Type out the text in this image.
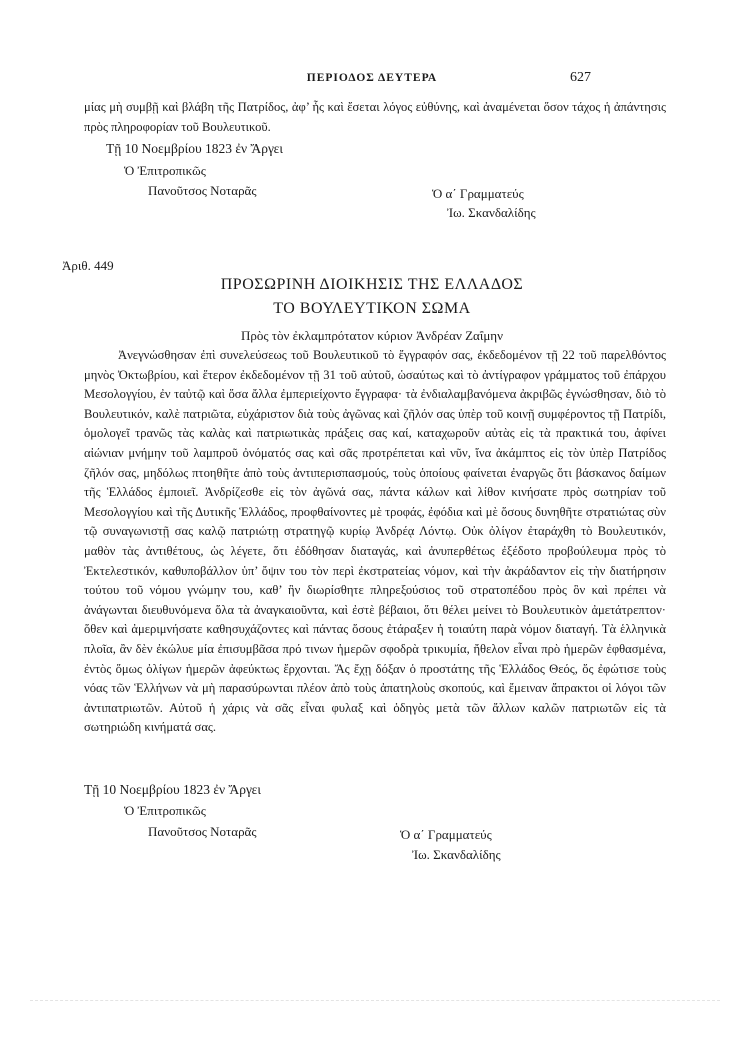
ΠΕΡΙΟΔΟΣ ΔΕΥΤΕΡΑ	627
μίας μὴ συμβῇ καὶ βλάβη τῆς Πατρίδος, ἀφ’ ἧς καὶ ἔσεται λόγος εὐθύνης, καὶ ἀναμένεται ὅσον τάχος ἡ ἀπάντησις πρὸς πληροφορίαν τοῦ Βουλευτικοῦ.
Τῇ 10 Νοεμβρίου 1823 ἐν Ἄργει
Ὁ Ἐπιτροπικῶς
Πανοῦτσος Νοταρᾶς	Ὁ α΄ Γραμματεύς
Ἰω. Σκανδαλίδης
Ἀριθ. 449
ΠΡΟΣΩΡΙΝΗ ΔΙΟΙΚΗΣΙΣ ΤΗΣ ΕΛΛΑΔΟΣ
ΤΟ ΒΟΥΛΕΥΤΙΚΟΝ ΣΩΜΑ
Πρὸς τὸν ἐκλαμπρότατον κύριον Ἀνδρέαν Ζαΐμην

Ἀνεγνώσθησαν ἐπὶ συνελεύσεως τοῦ Βουλευτικοῦ τὸ ἔγγραφόν σας, ἐκδεδομένον τῇ 22 τοῦ παρελθόντος μηνὸς Ὀκτωβρίου, καὶ ἕτερον ἐκδεδομένον τῇ 31 τοῦ αὐτοῦ, ὡσαύτως καὶ τὸ ἀντίγραφον γράμματος τοῦ ἐπάρχου Μεσολογγίου, ἐν ταὐτῷ καὶ ὅσα ἄλλα ἐμπεριείχοντο ἔγγραφα· τὰ ἐνδιαλαμβανόμενα ἀκριβῶς ἐγνώσθησαν, διὸ τὸ Βουλευτικόν, καλὲ πατριῶτα, εὐχάριστον διὰ τοὺς ἀγῶνας καὶ ζῆλόν σας ὑπὲρ τοῦ κοινῇ συμφέροντος τῇ Πατρίδι, ὁμολογεῖ τρανῶς τὰς καλὰς καὶ πατριωτικὰς πράξεις σας καί, καταχωροῦν αὐτὰς εἰς τὰ πρακτικά του, ἀφίνει αἰώνιαν μνήμην τοῦ λαμπροῦ ὀνόματός σας καὶ σᾶς προτρέπεται καὶ νῦν, ἵνα ἀκάμπτος εἰς τὸν ὑπὲρ Πατρίδος ζῆλόν σας, μηδόλως πτοηθῆτε ἀπὸ τοὺς ἀντιπερισπασμούς, τοὺς ὁποίους φαίνεται ἐναργῶς ὅτι βάσκανος δαίμων τῆς Ἑλλάδος ἐμποιεῖ. Ἀνδρίζεσθε εἰς τὸν ἀγῶνά σας, πάντα κάλων καὶ λίθον κινήσατε πρὸς σωτηρίαν τοῦ Μεσολογγίου καὶ τῆς Δυτικῆς Ἑλλάδος, προφθαίνοντες μὲ τροφάς, ἐφόδια καὶ μὲ ὅσους δυνηθῆτε στρατιώτας σὺν τῷ συναγωνιστῇ σας καλῷ πατριώτῃ στρατηγῷ κυρίῳ Ἀνδρέᾳ Λόντῳ. Οὐκ ὀλίγον ἐταράχθη τὸ Βουλευτικόν, μαθὸν τὰς ἀντιθέτους, ὡς λέγετε, ὅτι ἐδόθησαν διαταγάς, καὶ ἀνυπερθέτως ἐξέδοτο προβούλευμα πρὸς τὸ Ἐκτελεστικόν, καθυποβάλλον ὑπ’ ὄψιν του τὸν περὶ ἐκστρατείας νόμον, καὶ τὴν ἀκράδαντον εἰς τὴν διατήρησιν τούτου τοῦ νόμου γνώμην του, καθ’ ἣν διωρίσθητε πληρεξούσιος τοῦ στρατοπέδου πρὸς ὃν καὶ πρέπει νὰ ἀνάγωνται διευθυνόμενα ὅλα τὰ ἀναγκαιοῦντα, καὶ ἐστὲ βέβαιοι, ὅτι θέλει μείνει τὸ Βουλευτικὸν ἀμετάτρεπτον· ὅθεν καὶ ἀμεριμνήσατε καθησυχάζοντες καὶ πάντας ὅσους ἐτάραξεν ἡ τοιαύτη παρὰ νόμον διαταγή. Τὰ ἑλληνικὰ πλοῖα, ἂν δὲν ἐκώλυε μία ἐπισυμβᾶσα πρό τινων ἡμερῶν σφοδρὰ τρικυμία, ἤθελον εἶναι πρὸ ἡμερῶν ἐφθασμένα, ἐντὸς ὅμως ὀλίγων ἡμερῶν ἀφεύκτως ἔρχονται. Ἄς ἔχῃ δόξαν ὁ προστάτης τῆς Ἑλλάδος Θεός, ὅς ἐφώτισε τοὺς νόας τῶν Ἑλλήνων νὰ μὴ παρασύρωνται πλέον ἀπὸ τοὺς ἀπατηλοὺς σκοπούς, καὶ ἔμειναν ἄπρακτοι οἱ λόγοι τῶν ἀντιπατριωτῶν. Αὐτοῦ ἡ χάρις νὰ σᾶς εἶναι φυλαξ καὶ ὁδηγὸς μετὰ τῶν ἄλλων καλῶν πατριωτῶν εἰς τὰ σωτηριώδη κινήματά σας.

Τῇ 10 Νοεμβρίου 1823 ἐν Ἄργει
Ὁ Ἐπιτροπικῶς
Πανοῦτσος Νοταρᾶς	Ὁ α΄ Γραμματεύς
Ἰω. Σκανδαλίδης
